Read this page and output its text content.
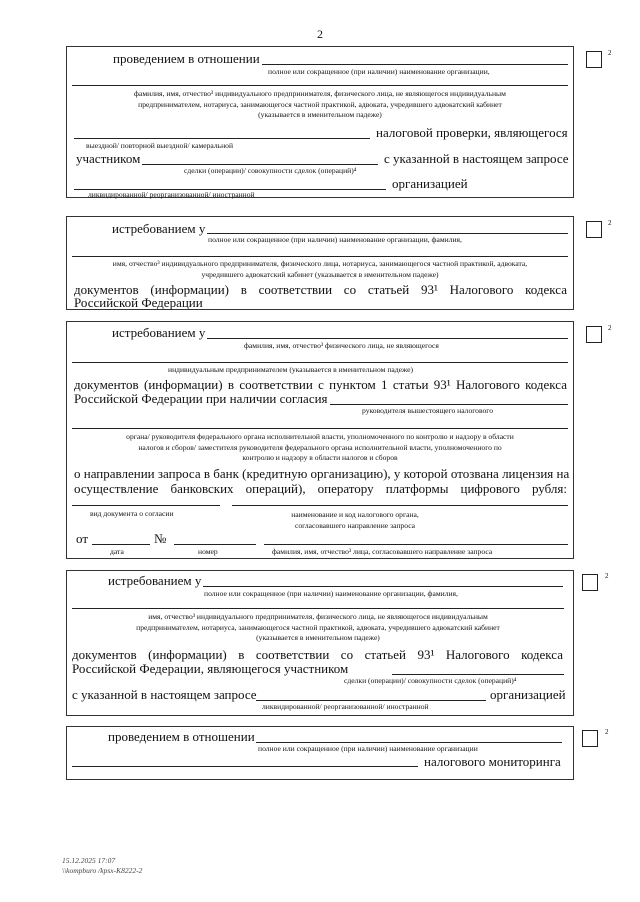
2
проведением в отношении
полное или сокращенное (при наличии) наименование организации,
фамилия, имя, отчество³ индивидуального предпринимателя, физического лица, не являющегося индивидуальным
предпринимателем, нотариуса, занимающегося частной практикой, адвоката, учредившего адвокатский кабинет
(указывается в именительном падеже)
налоговой проверки, являющегося
выездной/ повторной выездной/ камеральной
участником	с указанной в настоящем запросе
сделки (операции)/ совокупности сделок (операций)⁴
организацией
ликвидированной/ реорганизованной/ иностранной
2
истребованием у
полное или сокращенное (при наличии) наименование организации, фамилия,
имя, отчество³ индивидуального предпринимателя, физического лица, нотариуса, занимающегося частной практикой, адвоката,
учредившего адвокатский кабинет (указывается в именительном падеже)
документов (информации) в соответствии со статьей 93¹ Налогового кодекса
Российской Федерации
2
истребованием у
фамилия, имя, отчество³ физического лица, не являющегося
индивидуальным предпринимателем (указывается в именительном падеже)
документов (информации) в соответствии с пунктом 1 статьи 93¹ Налогового кодекса
Российской Федерации при наличии согласия
руководителя вышестоящего налогового
органа/ руководителя федерального органа исполнительной власти, уполномоченного по контролю и надзору в области
налогов и сборов/ заместителя руководителя федерального органа исполнительной власти, уполномоченного по
контролю и надзору в области налогов и сборов
о направлении запроса в банк (кредитную организацию), у которой отозвана лицензия на
осуществление банковских операций), оператору платформы цифрового рубля:
вид документа о согласии	наименование и код налогового органа,
согласовавшего направление запроса
от	№
дата	номер	фамилия, имя, отчество³ лица, согласовавшего направление запроса
2
истребованием у
полное или сокращенное (при наличии) наименование организации, фамилия,
имя, отчество³ индивидуального предпринимателя, физического лица, не являющегося индивидуальным
предпринимателем, нотариуса, занимающегося частной практикой, адвоката, учредившего адвокатский кабинет
(указывается в именительном падеже)
документов (информации) в соответствии со статьей 93¹ Налогового кодекса
Российской Федерации, являющегося участником
сделки (операции)/ совокупности сделок (операций)⁴
с указанной в настоящем запросе	организацией
ликвидированной/ реорганизованной/ иностранной
2
проведением в отношении
полное или сокращенное (при наличии) наименование организации
налогового мониторинга
2
15.12.2025 17:07
\\kompburo /kpsx-K8222-2
